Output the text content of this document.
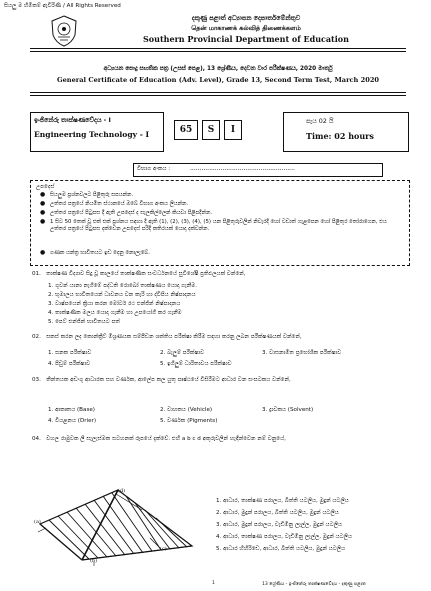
සියලු ම හිමිකම් ඇවිරිණි / All Rights Reserved
දකුණු පළාත් අධ්‍යාපන දෙපාර්තමේන්තුව
தென் மாகாணக் கல்வித் திணைக்களம்
Southern Provincial Department of Education
අධ්‍යයන පොදු සහතික පත්‍ර (උසස් පෙළ), 13 ශ්‍රේණිය, දෙවන වාර පරීක්ෂණය, 2020 මාර්තු
General Certificate of Education (Adv. Level), Grade 13, Second Term Test, March 2020
ඉංජිනේරු තාක්ෂණවේදය - I
Engineering Technology - I	65	S	I
පැය 02 යි
Time: 02 hours
විභාග අංකය :	.......................................................
උපදෙස්
● සියලුම ප්‍රශ්නවලට පිළිතුරු සපයන්න.
● උත්තර පත්‍රයේ නියමිත ස්ථානයේ ඔබේ විභාග අංකය ලියන්න.
● උත්තර පත්‍රයේ පිටුපස දී ඇති උපදෙස් ද සැලකිල්ලෙන් කියවා පිළිපදින්න.
● 1 සිට 50 තෙක් වූ එක් එක් ප්‍රශ්නය සඳහා දී ඇති (1), (2), (3), (4), (5) යන පිළිතුරුවලින් නිවැරදි හෝ වඩාත් ගැළපෙන හෝ පිළිතුර තෝරාගෙන, එය උත්තර පත්‍රයේ පිටුපස දක්වෙන උපදෙස් පරිදි කතිරයක් යොදා දක්වන්න.
● ගණක යන්ත්‍ර භාවිතයට ඉඩ දෙනු නොලැබේ.
01. තාක්ෂණ විද්‍යාව සිදු වූ කාලයේ තාක්ෂණික සංවර්ධනයේ සුවිශේෂී ප්‍රතිඵලයක් වන්නේ,
1. ගුවන් යානා නැගීමේ පද්ධති රොබෝ තාක්ෂණය යොදා ගැනීම.
2. භූමාලය භාවිතයෙන් ධාවනය වන කැරි හා ද්වීපිය නිෂ්පාදනය
3. වාෂ්පයෙන් ක්‍රියා කරන මෝටර් රථ එන්ජින් නිෂ්පාදනය
4. තාක්ෂණික මලය යොදා ගැනීම හා උපයෝගී කර ගැනීම
5. පෙට් එන්ජින් භාවිතයට පත්
02. සකස් කරන ලද කොන්ක්‍රීට් මිශ්‍රණයක සම්පීඩන ශක්තිය පරීක්ෂා කිරීම සඳහා කරනු ලබන පරීක්ෂණයක් වන්නේ,
1. ඝනක පරීක්ෂාව	2. බැලුම් පරීක්ෂාව	3. වාසනාමිත ප්‍රභෝශික පරීක්ෂාව
4. පිඩුම් පරීක්ෂාව	5. ඉගිලුම් ධාරිතාවය පරීක්ෂාව
03. තීන්තයක අඩංගු ආධාරක සහ වර්ණක, ආලේප කල යුතු පෘෂ්ඨයේ විසිරීමට ආධාර වන සංඝටකය වන්නේ,
1. ආකෘතය (Base)	2. වාහකය (Vehicle)	3. ද්‍රාවකය (Solvent)
4. වියළනය (Drier)	5. වර්ණක (Pigments)
04. වහල රාමුවක ලී සැලැස්මක සටහනක් රූපයේ දැක්වේ. එහි a b c d අකුරුවලින් හැඳින්වෙන නම් වනුයේ,
(d)
(a)
(b)
(c)
1. ආධාර, තාක්ෂණ පරාලය, බිත්ති යටලිය, මුදුන් යටලිය
2. ආධාර, මුදුන් පරාලය, බිත්ති යටලිය, මුදුන් යටලිය
3. ආධාර, මුදුන් පරාලය, වැඩිමිනු ලෑල්ල, මුදුන් යටලිය
4. ආධාර, තාක්ෂණ පරාලය, වැඩිමිනු ලෑල්ල, මුදුන් යටලිය
5. ආධාර හිහිරිඩෙ, ආධාර, බිත්ති යටලිය, මුදුන් යටලිය
1	13 ශ්‍රේණිය - ඉංජිනේරු තාක්ෂණවේදය - දකුණු පළාත
